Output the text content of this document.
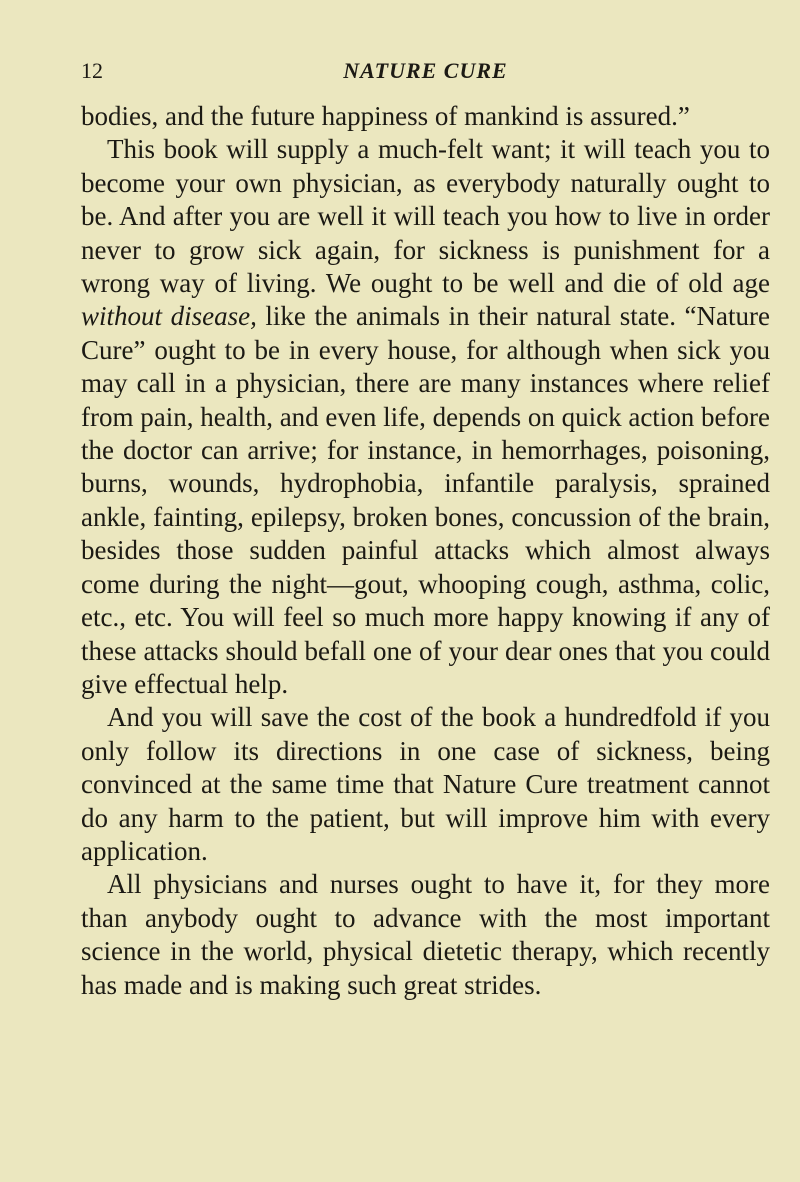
12	NATURE CURE

bodies, and the future happiness of mankind is assured.”

This book will supply a much-felt want; it will teach you to become your own physician, as everybody naturally ought to be. And after you are well it will teach you how to live in order never to grow sick again, for sickness is punishment for a wrong way of living. We ought to be well and die of old age without disease, like the animals in their natural state. “Nature Cure” ought to be in every house, for although when sick you may call in a physician, there are many instances where relief from pain, health, and even life, depends on quick action before the doctor can arrive; for instance, in hemorrhages, poisoning, burns, wounds, hydrophobia, infantile paralysis, sprained ankle, fainting, epilepsy, broken bones, concussion of the brain, besides those sudden painful attacks which almost always come during the night—gout, whooping cough, asthma, colic, etc., etc. You will feel so much more happy knowing if any of these attacks should befall one of your dear ones that you could give effectual help.

And you will save the cost of the book a hundredfold if you only follow its directions in one case of sickness, being convinced at the same time that Nature Cure treatment cannot do any harm to the patient, but will improve him with every application.

All physicians and nurses ought to have it, for they more than anybody ought to advance with the most important science in the world, physical dietetic therapy, which recently has made and is making such great strides.
